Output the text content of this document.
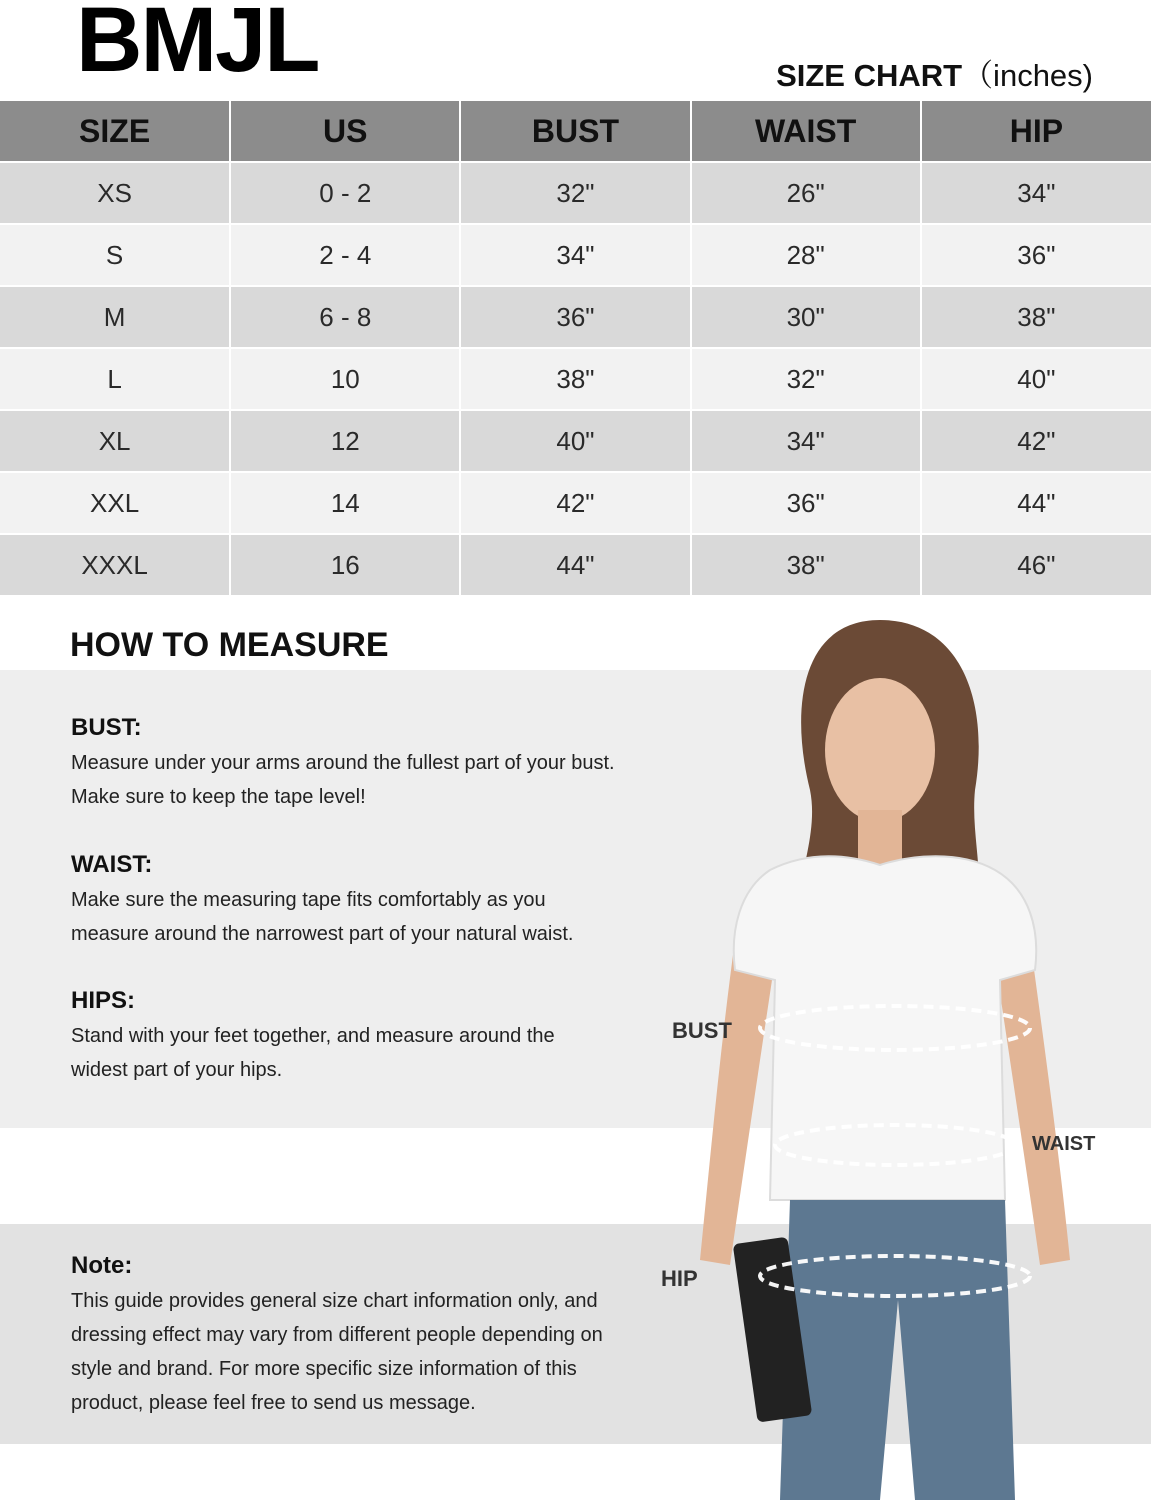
BMJL	SIZE CHART（inches)
SIZE	US	BUST	WAIST	HIP
XS	0 - 2	32"	26"	34"
S	2 - 4	34"	28"	36"
M	6 - 8	36"	30"	38"
L	10	38"	32"	40"
XL	12	40"	34"	42"
XXL	14	42"	36"	44"
XXXL	16	44"	38"	46"
HOW TO MEASURE
BUST:

Measure under your arms around the fullest part of your bust.

Make sure to keep the tape level!

WAIST:

Make sure the measuring tape fits comfortably as you

measure around the narrowest part of your natural waist.

HIPS:

Stand with your feet together, and measure around the

widest part of your hips.

Note:

This guide provides general size chart information only, and

dressing effect may vary from different people depending on

style and brand. For more specific size information of this

product, please feel free to send us message.

BUST
WAIST
HIP
